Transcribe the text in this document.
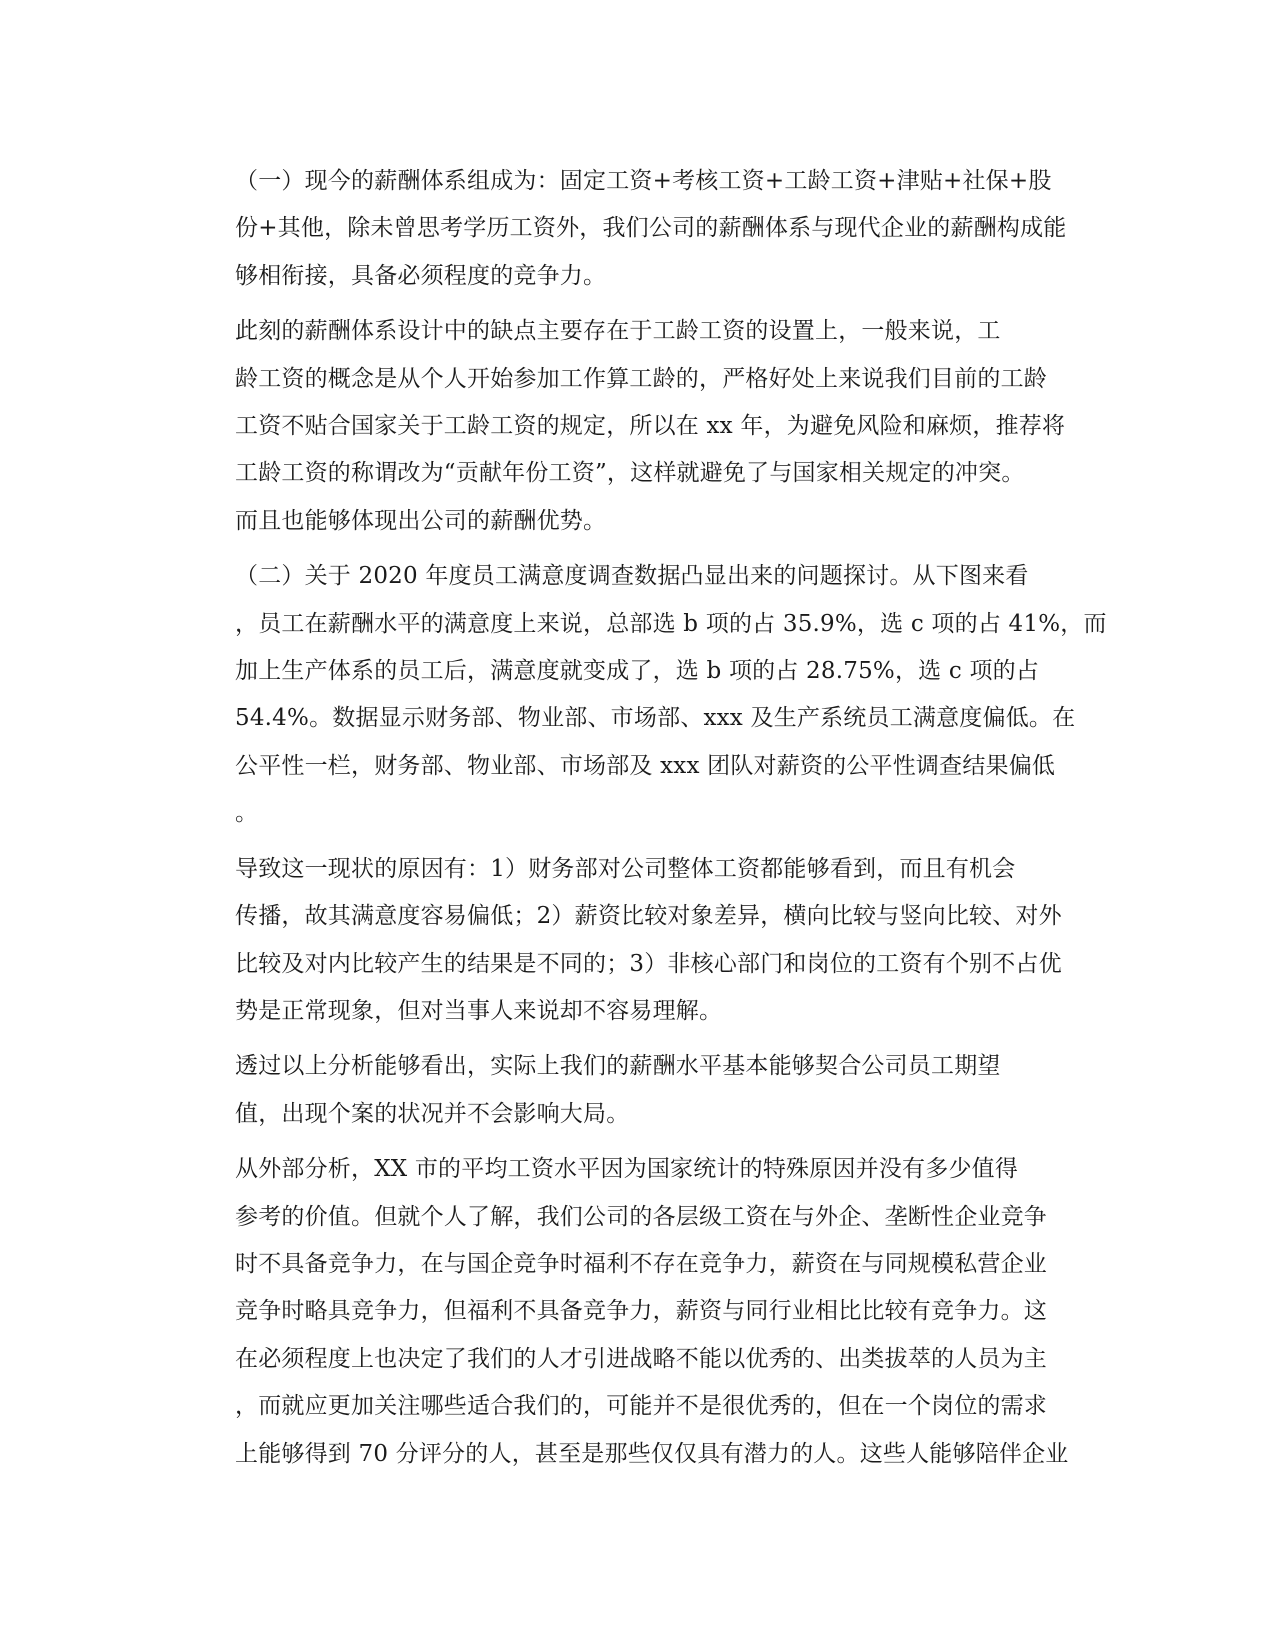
（一）现今的薪酬体系组成为：固定工资+考核工资+工龄工资+津贴+社保+股
份+其他，除未曾思考学历工资外，我们公司的薪酬体系与现代企业的薪酬构成能
够相衔接，具备必须程度的竞争力。

此刻的薪酬体系设计中的缺点主要存在于工龄工资的设置上，一般来说，工
龄工资的概念是从个人开始参加工作算工龄的，严格好处上来说我们目前的工龄
工资不贴合国家关于工龄工资的规定，所以在 xx 年，为避免风险和麻烦，推荐将
工龄工资的称谓改为“贡献年份工资”，这样就避免了与国家相关规定的冲突。
而且也能够体现出公司的薪酬优势。

（二）关于 2020 年度员工满意度调查数据凸显出来的问题探讨。从下图来看
，员工在薪酬水平的满意度上来说，总部选 b 项的占 35.9%，选 c 项的占 41%，而
加上生产体系的员工后，满意度就变成了，选 b 项的占 28.75%，选 c 项的占
54.4%。数据显示财务部、物业部、市场部、xxx 及生产系统员工满意度偏低。在
公平性一栏，财务部、物业部、市场部及 xxx 团队对薪资的公平性调查结果偏低
。

导致这一现状的原因有：1）财务部对公司整体工资都能够看到，而且有机会
传播，故其满意度容易偏低；2）薪资比较对象差异，横向比较与竖向比较、对外
比较及对内比较产生的结果是不同的；3）非核心部门和岗位的工资有个别不占优
势是正常现象，但对当事人来说却不容易理解。

透过以上分析能够看出，实际上我们的薪酬水平基本能够契合公司员工期望
值，出现个案的状况并不会影响大局。

从外部分析，XX 市的平均工资水平因为国家统计的特殊原因并没有多少值得
参考的价值。但就个人了解，我们公司的各层级工资在与外企、垄断性企业竞争
时不具备竞争力，在与国企竞争时福利不存在竞争力，薪资在与同规模私营企业
竞争时略具竞争力，但福利不具备竞争力，薪资与同行业相比比较有竞争力。这
在必须程度上也决定了我们的人才引进战略不能以优秀的、出类拔萃的人员为主
，而就应更加关注哪些适合我们的，可能并不是很优秀的，但在一个岗位的需求
上能够得到 70 分评分的人，甚至是那些仅仅具有潜力的人。这些人能够陪伴企业
